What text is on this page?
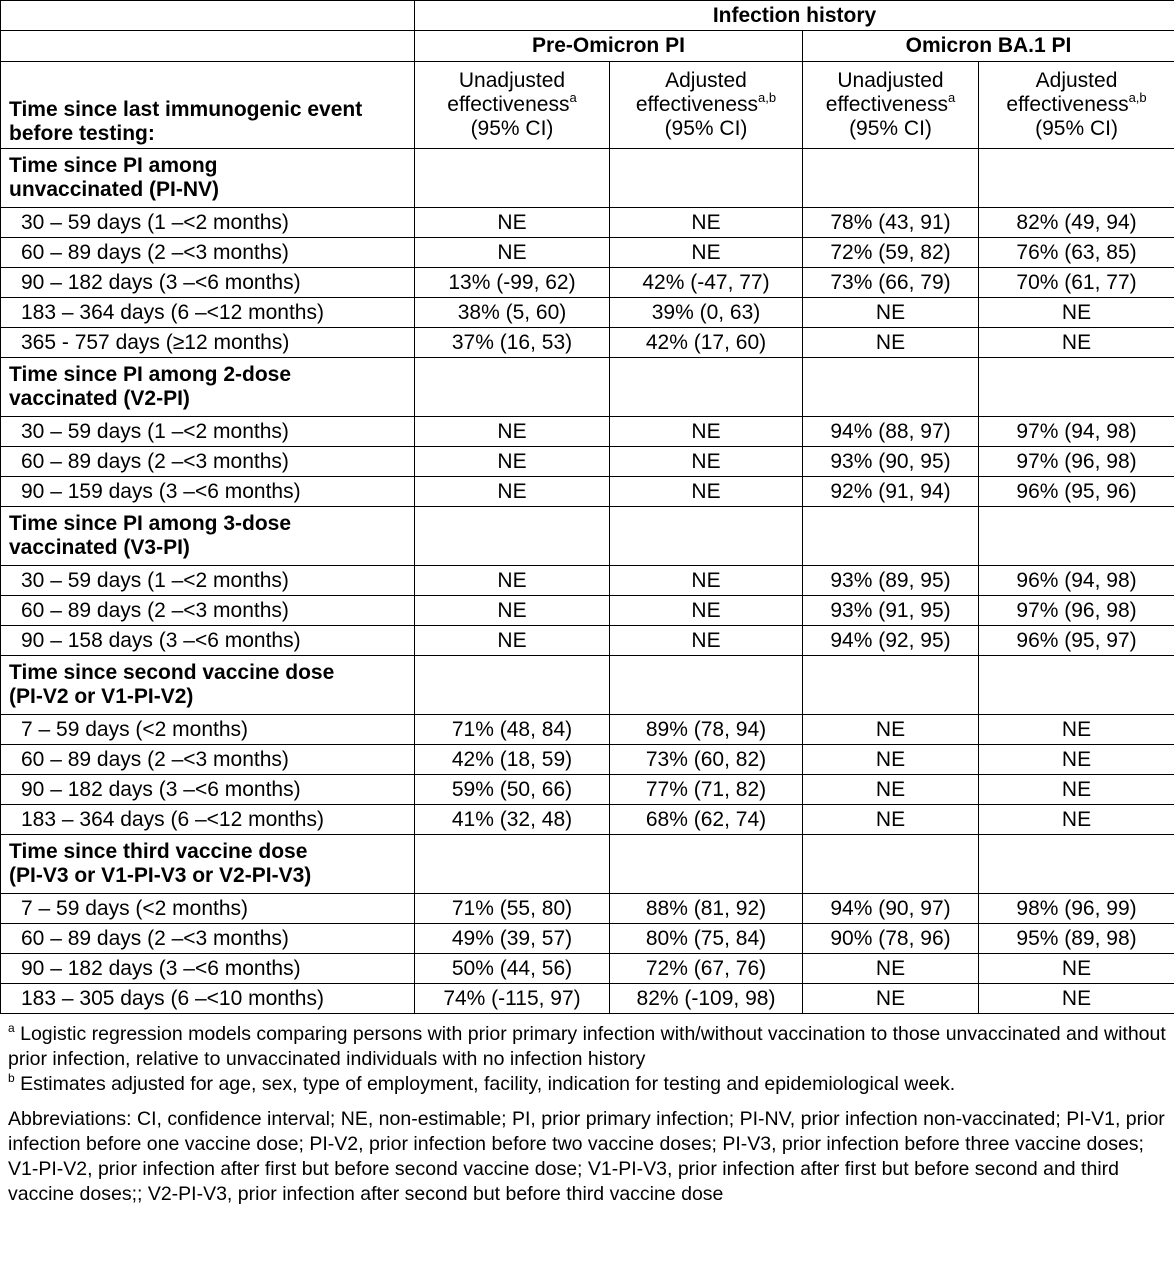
	Infection history			
	Pre-Omicron PI		Omicron BA.1 PI	
Time since last immunogenic event before testing:	Unadjusted
effectiveness$^a$
(95% CI)	Adjusted
effectiveness$^{a,b}$
(95% CI)	Unadjusted
effectiveness$^a$
(95% CI)	Adjusted
effectiveness$^{a,b}$
(95% CI)
Time since PI among
unvaccinated (PI-NV)				
30 – 59 days (1 –<2 months)	NE	NE	78% (43, 91)	82% (49, 94)
60 – 89 days (2 –<3 months)	NE	NE	72% (59, 82)	76% (63, 85)
90 – 182 days (3 –<6 months)	13% (-99, 62)	42% (-47, 77)	73% (66, 79)	70% (61, 77)
183 – 364 days (6 –<12 months)	38% (5, 60)	39% (0, 63)	NE	NE
365 - 757 days (≥12 months)	37% (16, 53)	42% (17, 60)	NE	NE
Time since PI among 2-dose
vaccinated (V2-PI)				
30 – 59 days (1 –<2 months)	NE	NE	94% (88, 97)	97% (94, 98)
60 – 89 days (2 –<3 months)	NE	NE	93% (90, 95)	97% (96, 98)
90 – 159 days (3 –<6 months)	NE	NE	92% (91, 94)	96% (95, 96)
Time since PI among 3-dose
vaccinated (V3-PI)				
30 – 59 days (1 –<2 months)	NE	NE	93% (89, 95)	96% (94, 98)
60 – 89 days (2 –<3 months)	NE	NE	93% (91, 95)	97% (96, 98)
90 – 158 days (3 –<6 months)	NE	NE	94% (92, 95)	96% (95, 97)
Time since second vaccine dose
(PI-V2 or V1-PI-V2)				
7 – 59 days (<2 months)	71% (48, 84)	89% (78, 94)	NE	NE
60 – 89 days (2 –<3 months)	42% (18, 59)	73% (60, 82)	NE	NE
90 – 182 days (3 –<6 months)	59% (50, 66)	77% (71, 82)	NE	NE
183 – 364 days (6 –<12 months)	41% (32, 48)	68% (62, 74)	NE	NE
Time since third vaccine dose
(PI-V3 or V1-PI-V3 or V2-PI-V3)				
7 – 59 days (<2 months)	71% (55, 80)	88% (81, 92)	94% (90, 97)	98% (96, 99)
60 – 89 days (2 –<3 months)	49% (39, 57)	80% (75, 84)	90% (78, 96)	95% (89, 98)
90 – 182 days (3 –<6 months)	50% (44, 56)	72% (67, 76)	NE	NE
183 – 305 days (6 –<10 months)	74% (-115, 97)	82% (-109, 98)	NE	NE

$^a$ Logistic regression models comparing persons with prior primary infection with/without vaccination to those unvaccinated and without prior infection, relative to unvaccinated individuals with no infection history

$^b$ Estimates adjusted for age, sex, type of employment, facility, indication for testing and epidemiological week.

Abbreviations: CI, confidence interval; NE, non-estimable; PI, prior primary infection; PI-NV, prior infection non-vaccinated; PI-V1, prior infection before one vaccine dose; PI-V2, prior infection before two vaccine doses; PI-V3, prior infection before three vaccine doses; V1-PI-V2, prior infection after first but before second vaccine dose; V1-PI-V3, prior infection after first but before second and third vaccine doses;; V2-PI-V3, prior infection after second but before third vaccine dose
